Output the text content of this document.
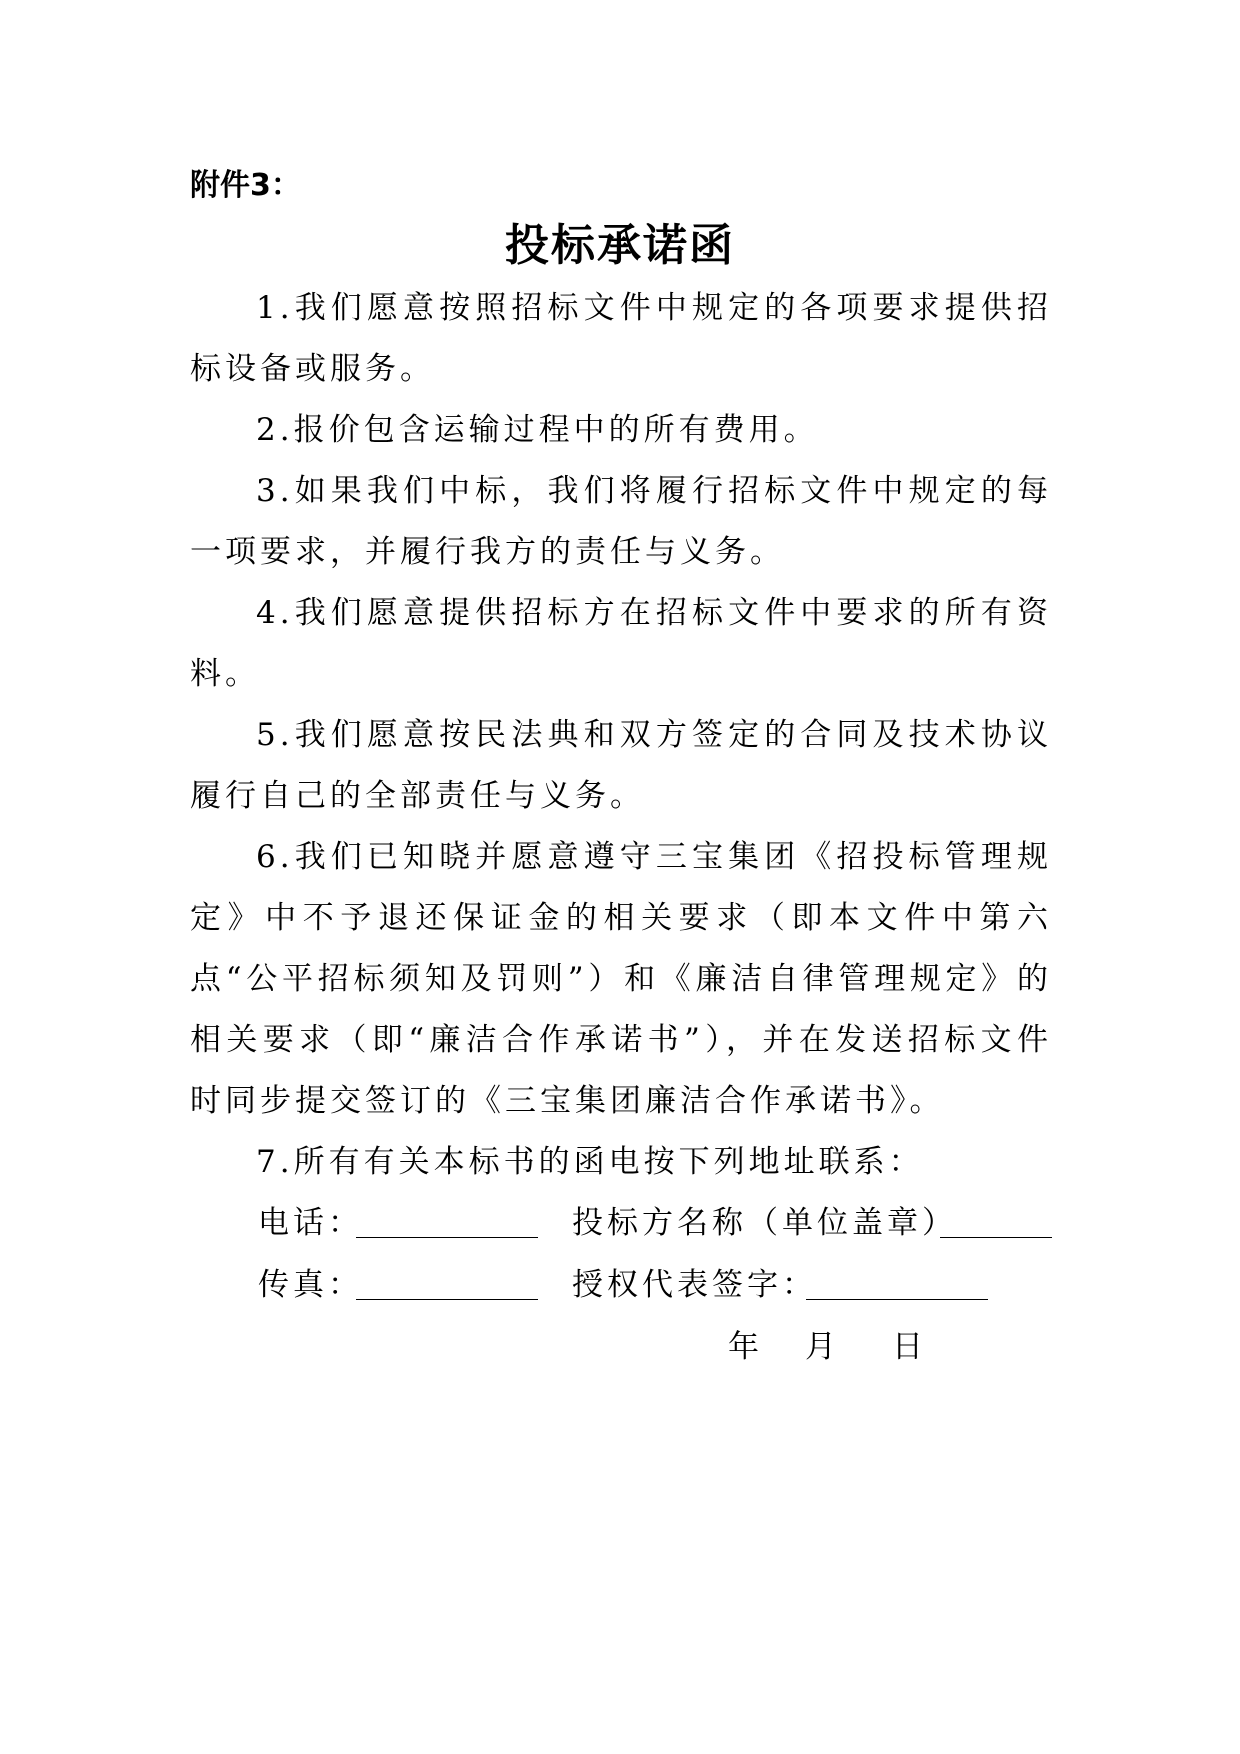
附件3：
投标承诺函

1.我们愿意按照招标文件中规定的各项要求提供招标设备或服务。

2.报价包含运输过程中的所有费用。

3.如果我们中标，我们将履行招标文件中规定的每一项要求，并履行我方的责任与义务。

4.我们愿意提供招标方在招标文件中要求的所有资料。

5.我们愿意按民法典和双方签定的合同及技术协议履行自己的全部责任与义务。

6.我们已知晓并愿意遵守三宝集团《招投标管理规定》中不予退还保证金的相关要求（即本文件中第六点“公平招标须知及罚则”）和《廉洁自律管理规定》的相关要求（即“廉洁合作承诺书”），并在发送招标文件时同步提交签订的《三宝集团廉洁合作承诺书》。

7.所有有关本标书的函电按下列地址联系：

电话：	投标方名称（单位盖章）
传真：	授权代表签字：
年 月 日
